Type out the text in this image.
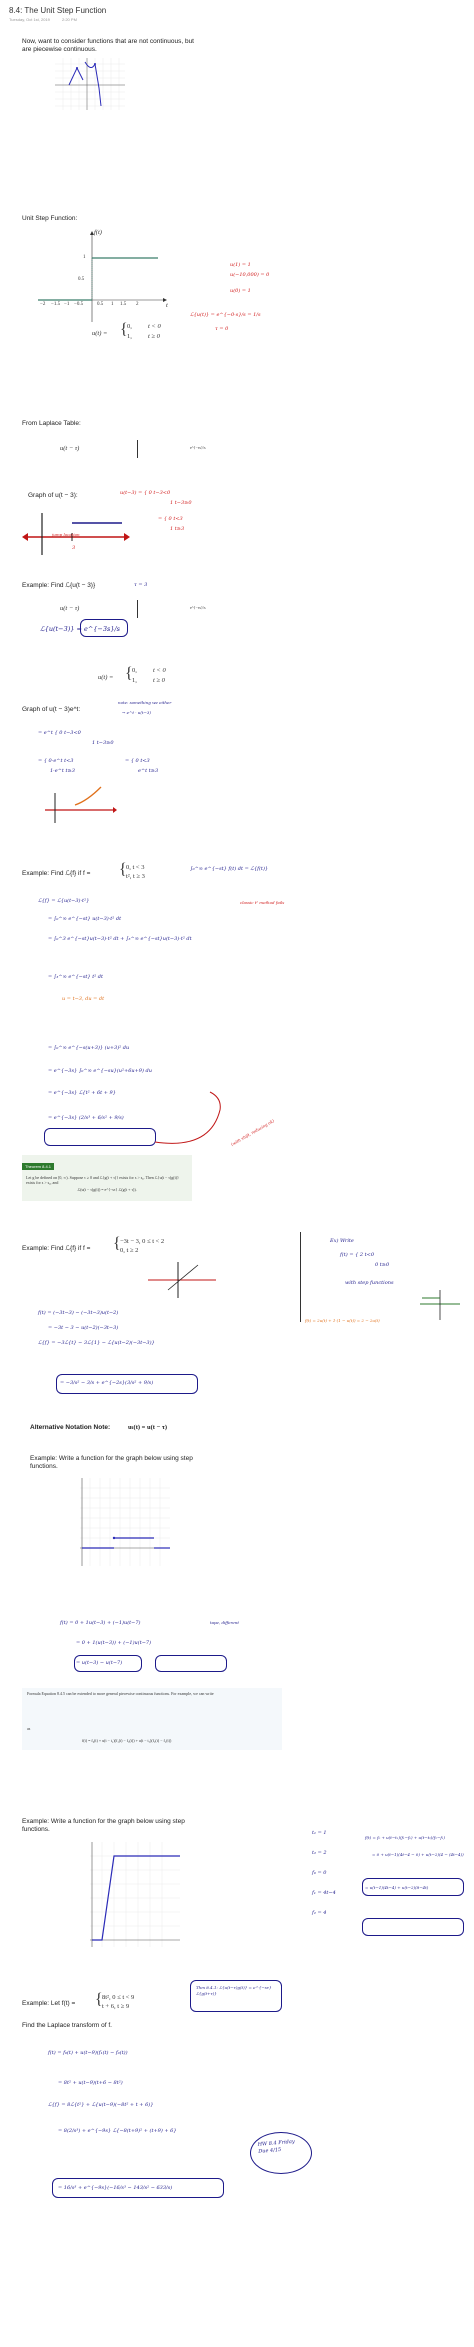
8.4: The Unit Step Function
Tuesday, Oct 1st, 2019	2:20 PM
Now, want to consider functions that are not continuous, but
are piecewise continuous.
Unit Step Function:
f(t)
t
1
0.5
−2 −1.5 −1 −0.5	0.5 1 1.5 2
u(1) = 1
u(−10,000) = 0
u(0) = 1
ℒ{u(t)} = e^{−0·s}/s = 1/s
τ = 0
u(t) = { 0, t < 0
1, t ≥ 0
From Laplace Table:
u(t − τ)	e^{−τs}/s
Graph of u(t − 3):
jump location
3
u(t−3) = { 0 t−3<0
1 t−3≥0
= { 0 t<3
1 t≥3
Example: Find ℒ{u(t − 3)}	τ = 3
u(t − τ)	e^{−τs}/s
ℒ{u(t−3)} = e^{−3s}/s
u(t) = { 0, t < 0
1, t ≥ 0
Graph of u(t − 3)e^t:
note: something we either
→ e^t · u(t−3)
= e^t { 0 t−3<0
1 t−3≥0
= { 0·e^t t<3
1·e^t t≥3
= { 0 t<3
e^t t≥3
Example: Find ℒ{f} if f = { 0, t < 3
t², t ≥ 3
∫₀^∞ e^{−st} f(t) dt = ℒ{f(t)}
classic t² method fails
ℒ{f} = ℒ{u(t−3)·t²}
= ∫₀^∞ e^{−st} u(t−3)·t² dt
= ∫₀^3 e^{−st}u(t−3)·t² dt + ∫₃^∞ e^{−st}u(t−3)·t² dt
= ∫₃^∞ e^{−st} t² dt
u = t−3, du = dt
= ∫₀^∞ e^{−s(u+3)} (u+3)² du
= e^{−3s} ∫₀^∞ e^{−su}(u²+6u+9) du
= e^{−3s} ℒ{t² + 6t + 9}
= e^{−3s} (2/s³ + 6/s² + 9/s)
(with shift, reducing ok)
Theorem 8.4.1
Let g be defined on [0, ∞). Suppose τ ≥ 0 and ℒ{g(t + τ)} exists for s > s₀. Then ℒ{u(t − τ)g(t)} exists for s > s₀, and
ℒ(u(t − τ)g(t)) = e^{−sτ} ℒ(g(t + τ)).
Example: Find ℒ{f} if f = { −3t − 3, 0 ≤ t < 2
0, t ≥ 2
Ex) Write
f(t) = { 2 t<0
0 t≥0
with step functions
f(t) = 2u(t) + 1·(1 − u(t)) = 2 − 2u(t)
f(t) = (−3t−3) − (−3t−3)u(t−2)
= −3t − 3 − u(t−2)(−3t−3)
ℒ{f} = −3ℒ{t} − 3ℒ{1} − ℒ{u(t−2)(−3t−3)}
= −3/s² − 3/s + e^{−2s}(3/s² + 9/s)
Alternative Notation Note:	uₜ(t) = u(t − τ)
Example: Write a function for the graph below using step
functions.
f(t) = 0 + 1u(t−3) + (−1)u(t−7)
= 0 + 1(u(t−3)) + (−1)u(t−7)
= u(t−3) − u(t−7)
tape, different
Formula Equation 8.4.5 can be extended to more general piecewise continuous functions. For example, we can write
as
f(t) = f₀(t) + u(t − t₁)(f₁(t) − f₀(t)) + u(t − t₂)(f₂(t) − f₁(t))
Example: Write a function for the graph below using step
functions.	t₁ = 1
t₂ = 2
f₀ = 0
f₁ = 4t−4
f₂ = 4
f(t) = f₀ + u(t−t₁)(f₁−f₀) + u(t−t₂)(f₂−f₁)
= 0 + u(t−1)(4t−4 − 0) + u(t−2)(4 − (4t−4))
= u(t−1)(4t−4) + u(t−2)(8−4t)
Example: Let f(t) = { 8t², 0 ≤ t < 9
t + 6, t ≥ 9
Find the Laplace transform of f.
Thm 8.4.1: ℒ{u(t−τ)g(t)} = e^{−sτ}ℒ{g(t+τ)}
f(t) = f₀(t) + u(t−9)(f₁(t) − f₀(t))
= 8t² + u(t−9)(t+6 − 8t²)
ℒ{f} = 8ℒ{t²} + ℒ{u(t−9)(−8t² + t + 6)}
= 8(2/s³) + e^{−9s} ℒ{−8(t+9)² + (t+9) + 6}
= 16/s³ + e^{−9s}(−16/s³ − 143/s² − 633/s)
HW 8.4 Friday Due 4/15
